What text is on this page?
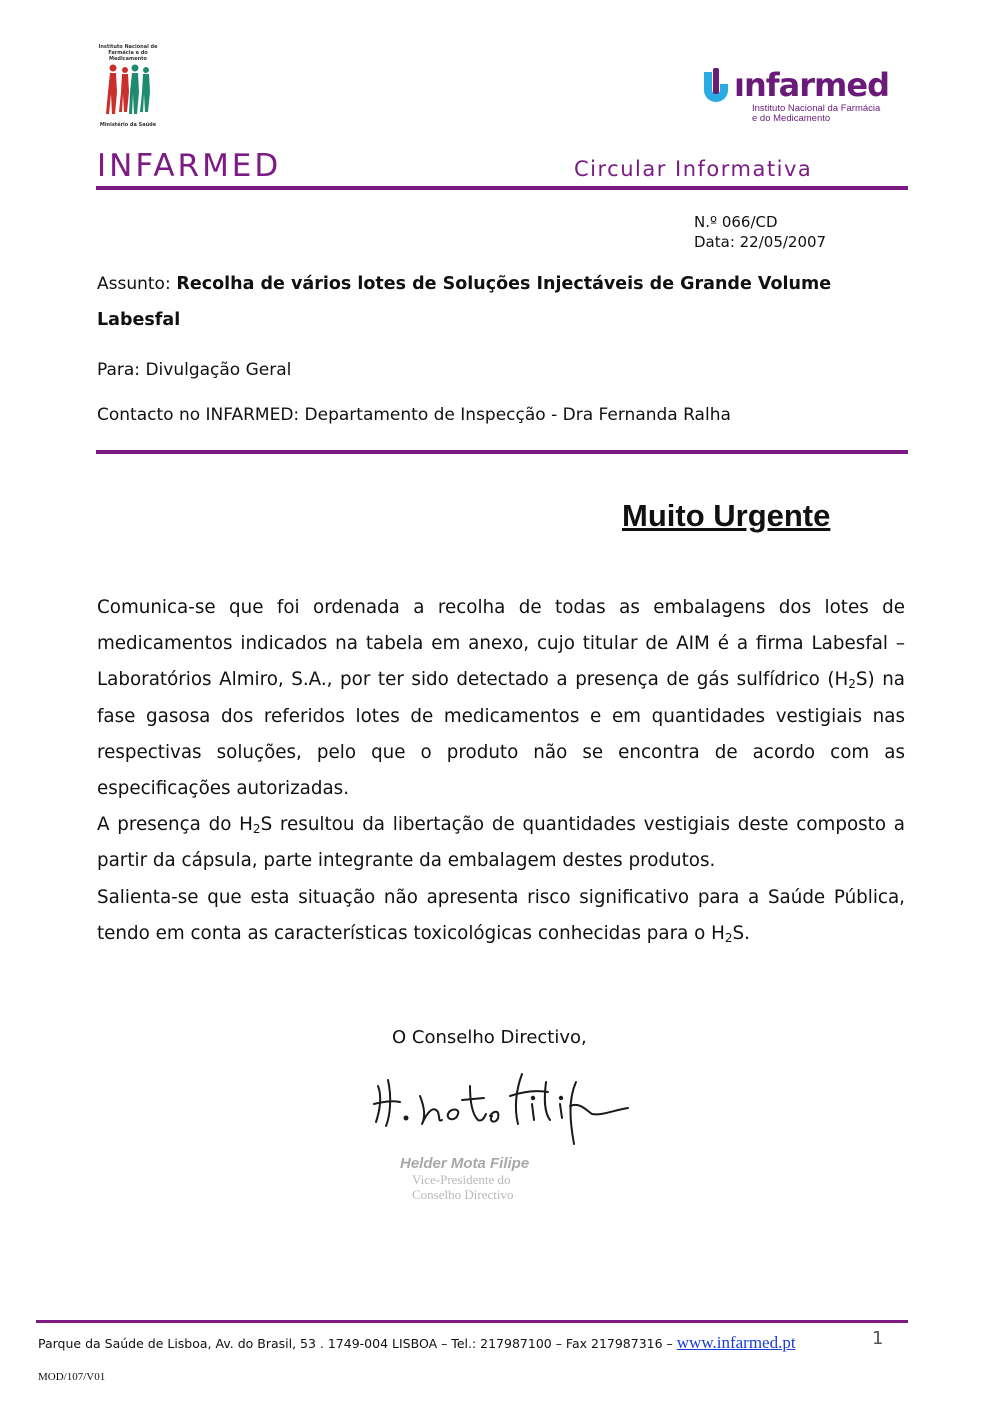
Instituto Nacional de Farmácia e do Medicamento
Ministério da Saúde
ınfarmed
Instituto Nacional da Farmácia
e do Medicamento
INFARMED	Circular Informativa
N.º 066/CD
Data: 22/05/2007
Assunto: Recolha de vários lotes de Soluções Injectáveis de Grande Volume Labesfal
Para: Divulgação Geral
Contacto no INFARMED: Departamento de Inspecção - Dra Fernanda Ralha
Muito Urgente

Comunica-se que foi ordenada a recolha de todas as embalagens dos lotes de medicamentos indicados na tabela em anexo, cujo titular de AIM é a firma Labesfal – Laboratórios Almiro, S.A., por ter sido detectado a presença de gás sulfídrico $(H_2S)$ na fase gasosa dos referidos lotes de medicamentos e em quantidades vestigiais nas respectivas soluções, pelo que o produto não se encontra de acordo com as especificações autorizadas.

A presença do $H_2S$ resultou da libertação de quantidades vestigiais deste composto a partir da cápsula, parte integrante da embalagem destes produtos.

Salienta-se que esta situação não apresenta risco significativo para a Saúde Pública, tendo em conta as características toxicológicas conhecidas para o $H_2S$.

O Conselho Directivo,
Helder Mota Filipe
Vice-Presidente do
Conselho Directivo
Parque da Saúde de Lisboa, Av. do Brasil, 53 . 1749-004 LISBOA – Tel.: 217987100 – Fax 217987316 – www.infarmed.pt	1
MOD/107/V01
